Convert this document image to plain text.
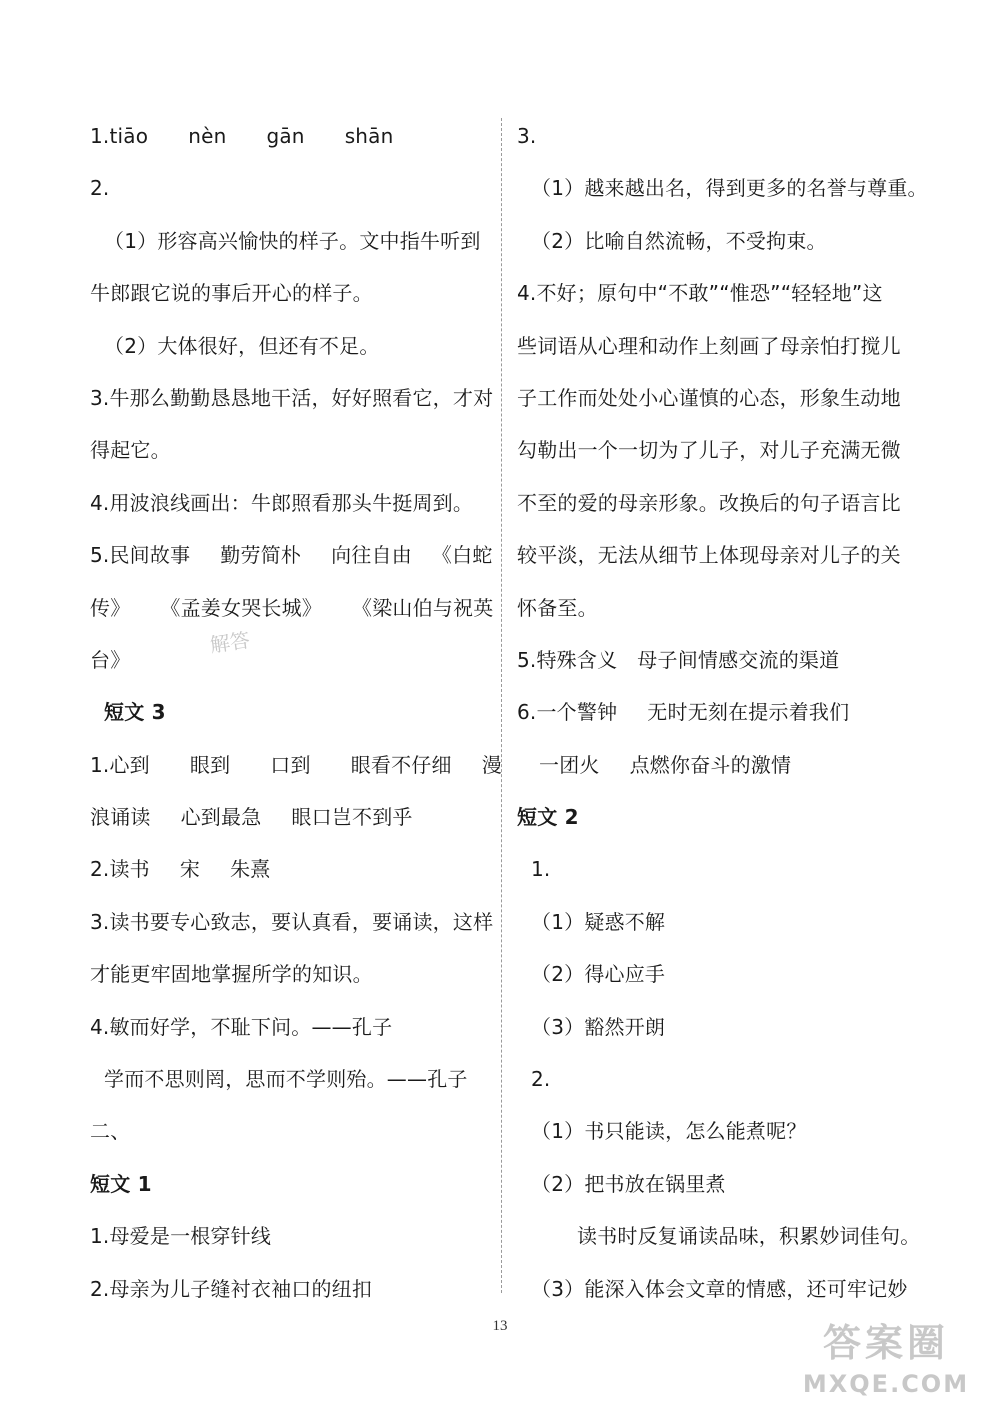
1.tiāo nèn gān shān
2.
（1）形容高兴愉快的样子。文中指牛听到
牛郎跟它说的事后开心的样子。
（2）大体很好，但还有不足。
3.牛那么勤勤恳恳地干活，好好照看它，才对
得起它。
4.用波浪线画出：牛郎照看那头牛挺周到。
5.民间故事 勤劳简朴 向往自由 《白蛇
传》 《孟姜女哭长城》 《梁山伯与祝英
台》
短文 3
1.心到 眼到 口到 眼看不仔细 漫
浪诵读 心到最急 眼口岂不到乎
2.读书 宋 朱熹
3.读书要专心致志，要认真看，要诵读，这样
才能更牢固地掌握所学的知识。
4.敏而好学，不耻下问。——孔子
学而不思则罔，思而不学则殆。——孔子
二、
短文 1
1.母爱是一根穿针线
2.母亲为儿子缝衬衣袖口的纽扣
3.
（1）越来越出名，得到更多的名誉与尊重。
（2）比喻自然流畅，不受拘束。
4.不好；原句中“不敢”“惟恐”“轻轻地”这
些词语从心理和动作上刻画了母亲怕打搅儿
子工作而处处小心谨慎的心态，形象生动地
勾勒出一个一切为了儿子，对儿子充满无微
不至的爱的母亲形象。改换后的句子语言比
较平淡，无法从细节上体现母亲对儿子的关
怀备至。
5.特殊含义 母子间情感交流的渠道
6.一个警钟 无时无刻在提示着我们
一团火 点燃你奋斗的激情
短文 2
1.
（1）疑惑不解
（2）得心应手
（3）豁然开朗
2.
（1）书只能读，怎么能煮呢？
（2）把书放在锅里煮
读书时反复诵读品味，积累妙词佳句。
（3）能深入体会文章的情感，还可牢记妙
解答
13	答案圈
MXQE.COM
